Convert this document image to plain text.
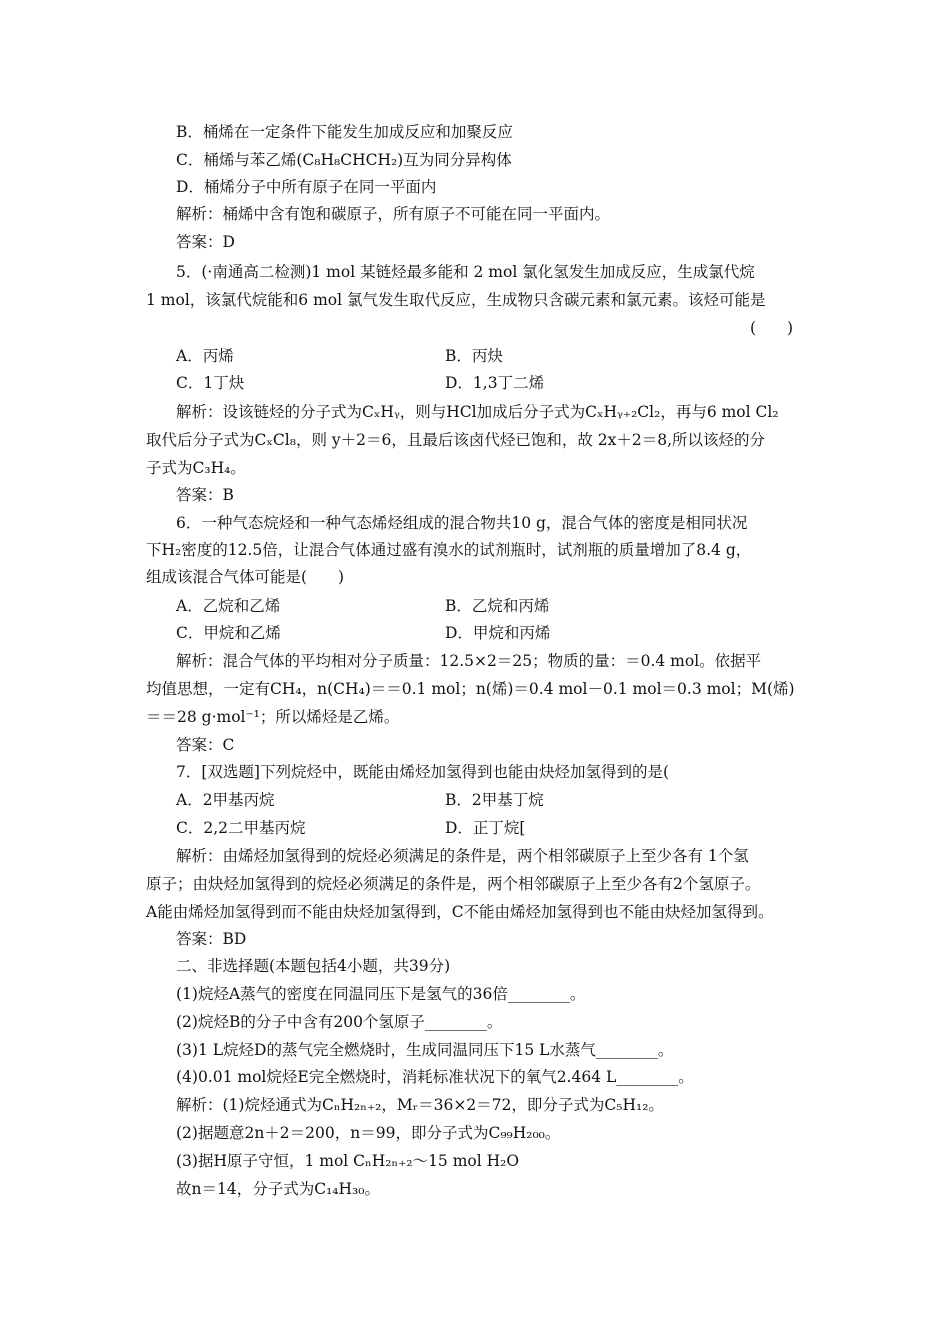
B．桶烯在一定条件下能发生加成反应和加聚反应
C．桶烯与苯乙烯(C₈H₈CHCH₂)互为同分异构体
D．桶烯分子中所有原子在同一平面内
解析：桶烯中含有饱和碳原子，所有原子不可能在同一平面内。
答案：D
5．(·南通高二检测)1 mol 某链烃最多能和 2 mol 氯化氢发生加成反应，生成氯代烷
1 mol，该氯代烷能和6 mol 氯气发生取代反应，生成物只含碳元素和氯元素。该烃可能是
(　　)
A．丙烯	B．丙炔
C．1丁炔	D．1,3丁二烯
解析：设该链烃的分子式为CₓHᵧ，则与HCl加成后分子式为CₓHᵧ₊₂Cl₂，再与6 mol Cl₂
取代后分子式为CₓCl₈，则 y＋2＝6，且最后该卤代烃已饱和，故 2x＋2＝8,所以该烃的分
子式为C₃H₄。
答案：B
6．一种气态烷烃和一种气态烯烃组成的混合物共10 g，混合气体的密度是相同状况
下H₂密度的12.5倍，让混合气体通过盛有溴水的试剂瓶时，试剂瓶的质量增加了8.4 g，
组成该混合气体可能是(　　)
A．乙烷和乙烯	B．乙烷和丙烯
C．甲烷和乙烯	D．甲烷和丙烯
解析：混合气体的平均相对分子质量：12.5×2＝25；物质的量：＝0.4 mol。依据平
均值思想，一定有CH₄，n(CH₄)＝＝0.1 mol；n(烯)＝0.4 mol－0.1 mol＝0.3 mol；M(烯)
＝＝28 g·mol⁻¹；所以烯烃是乙烯。
答案：C
7．[双选题]下列烷烃中，既能由烯烃加氢得到也能由炔烃加氢得到的是(
A．2甲基丙烷	B．2甲基丁烷
C．2,2二甲基丙烷	D．正丁烷[
解析：由烯烃加氢得到的烷烃必须满足的条件是，两个相邻碳原子上至少各有 1个氢
原子；由炔烃加氢得到的烷烃必须满足的条件是，两个相邻碳原子上至少各有2个氢原子。
A能由烯烃加氢得到而不能由炔烃加氢得到，C不能由烯烃加氢得到也不能由炔烃加氢得到。
答案：BD
二、非选择题(本题包括4小题，共39分)
(1)烷烃A蒸气的密度在同温同压下是氢气的36倍________。
(2)烷烃B的分子中含有200个氢原子________。
(3)1 L烷烃D的蒸气完全燃烧时，生成同温同压下15 L水蒸气________。
(4)0.01 mol烷烃E完全燃烧时，消耗标准状况下的氧气2.464 L________。
解析：(1)烷烃通式为CₙH₂ₙ₊₂，Mᵣ＝36×2＝72，即分子式为C₅H₁₂。
(2)据题意2n＋2＝200，n＝99，即分子式为C₉₉H₂₀₀。
(3)据H原子守恒，1 mol CₙH₂ₙ₊₂～15 mol H₂O
故n＝14，分子式为C₁₄H₃₀。
